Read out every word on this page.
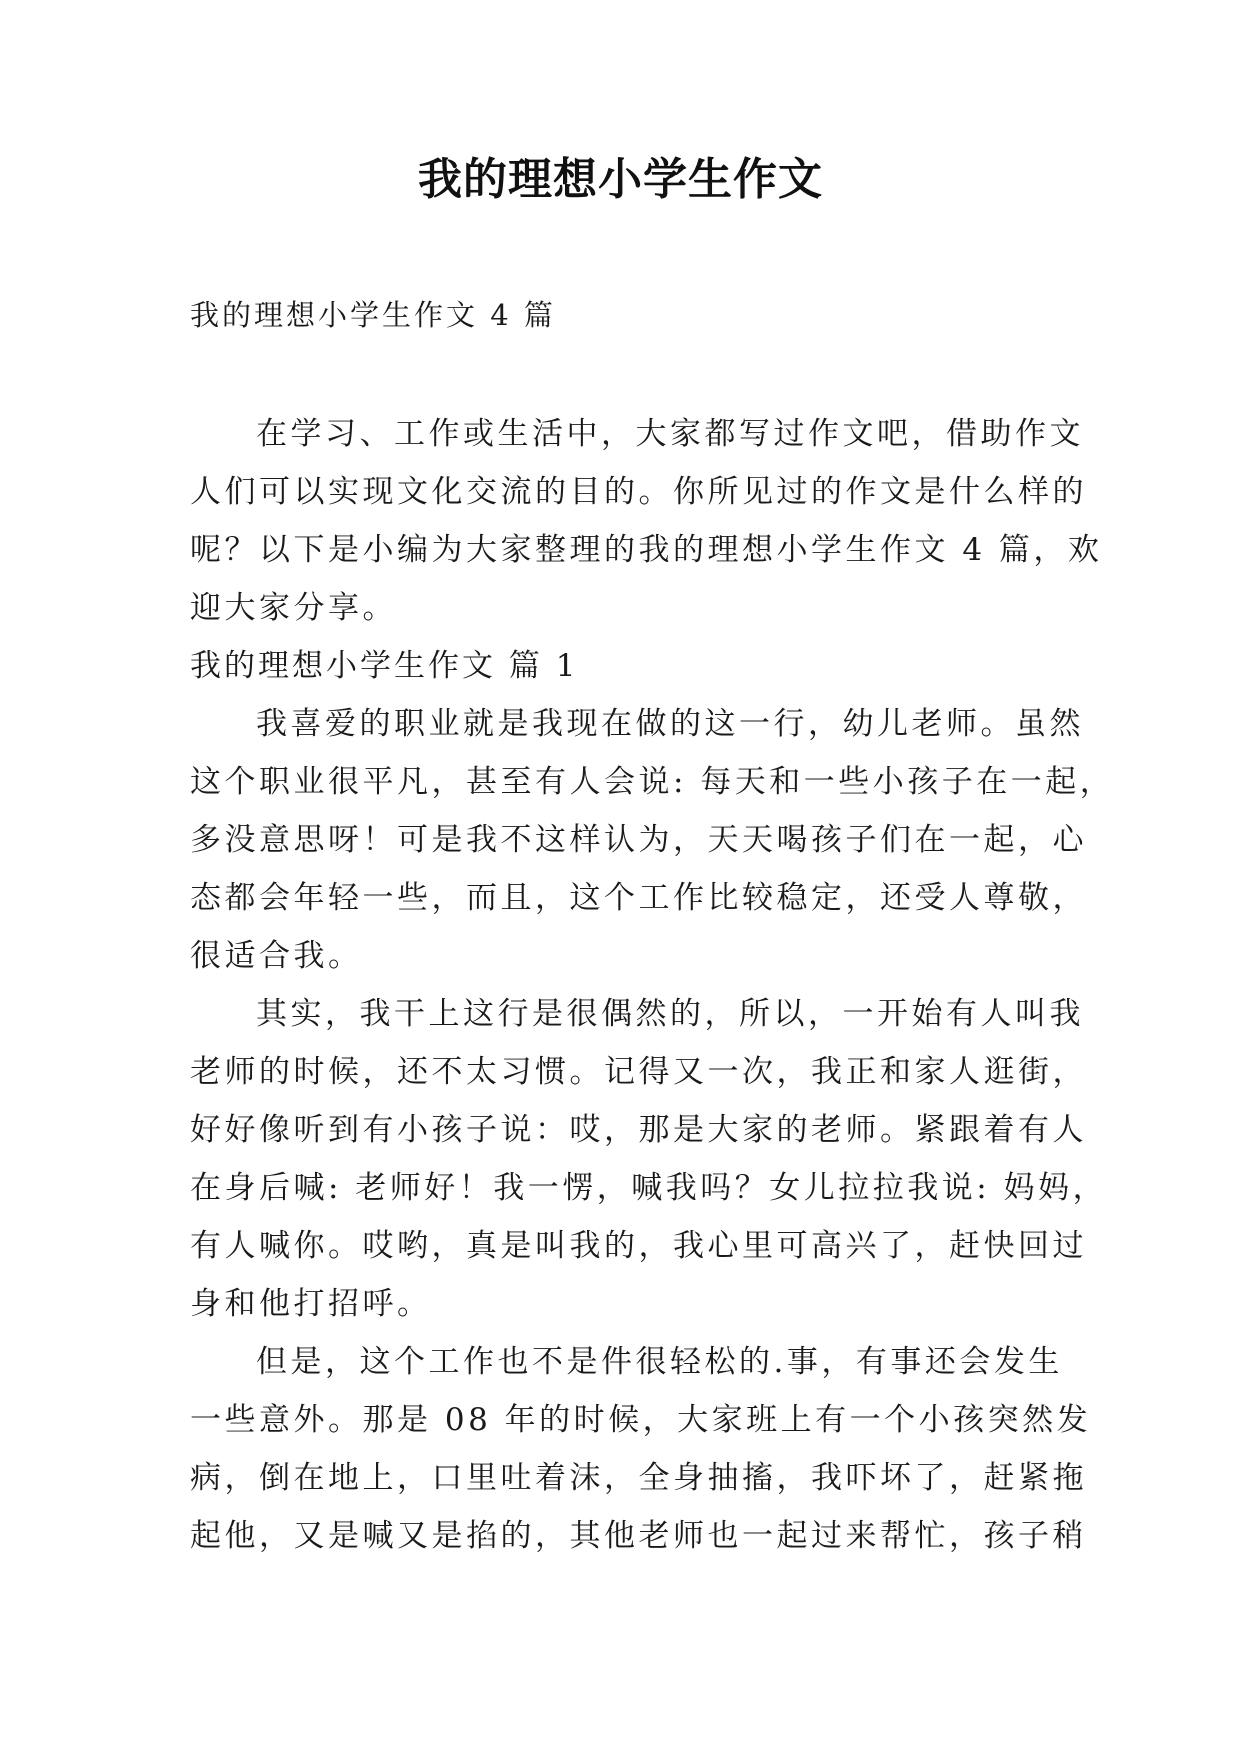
我的理想小学生作文
我的理想小学生作文 4 篇
在学习、工作或生活中，大家都写过作文吧，借助作文
人们可以实现文化交流的目的。你所见过的作文是什么样的
呢？以下是小编为大家整理的我的理想小学生作文 4 篇，欢
迎大家分享。
我的理想小学生作文 篇 1
我喜爱的职业就是我现在做的这一行，幼儿老师。虽然
这个职业很平凡，甚至有人会说: 每天和一些小孩子在一起，
多没意思呀！可是我不这样认为，天天喝孩子们在一起，心
态都会年轻一些，而且，这个工作比较稳定，还受人尊敬，
很适合我。
其实，我干上这行是很偶然的，所以，一开始有人叫我
老师的时候，还不太习惯。记得又一次，我正和家人逛街，
好好像听到有小孩子说：哎，那是大家的老师。紧跟着有人
在身后喊: 老师好！我一愣，喊我吗？女儿拉拉我说: 妈妈，
有人喊你。哎哟，真是叫我的，我心里可高兴了，赶快回过
身和他打招呼。
但是，这个工作也不是件很轻松的.事，有事还会发生
一些意外。那是 08 年的时候，大家班上有一个小孩突然发
病，倒在地上，口里吐着沫，全身抽搐，我吓坏了，赶紧拖
起他，又是喊又是掐的，其他老师也一起过来帮忙，孩子稍
